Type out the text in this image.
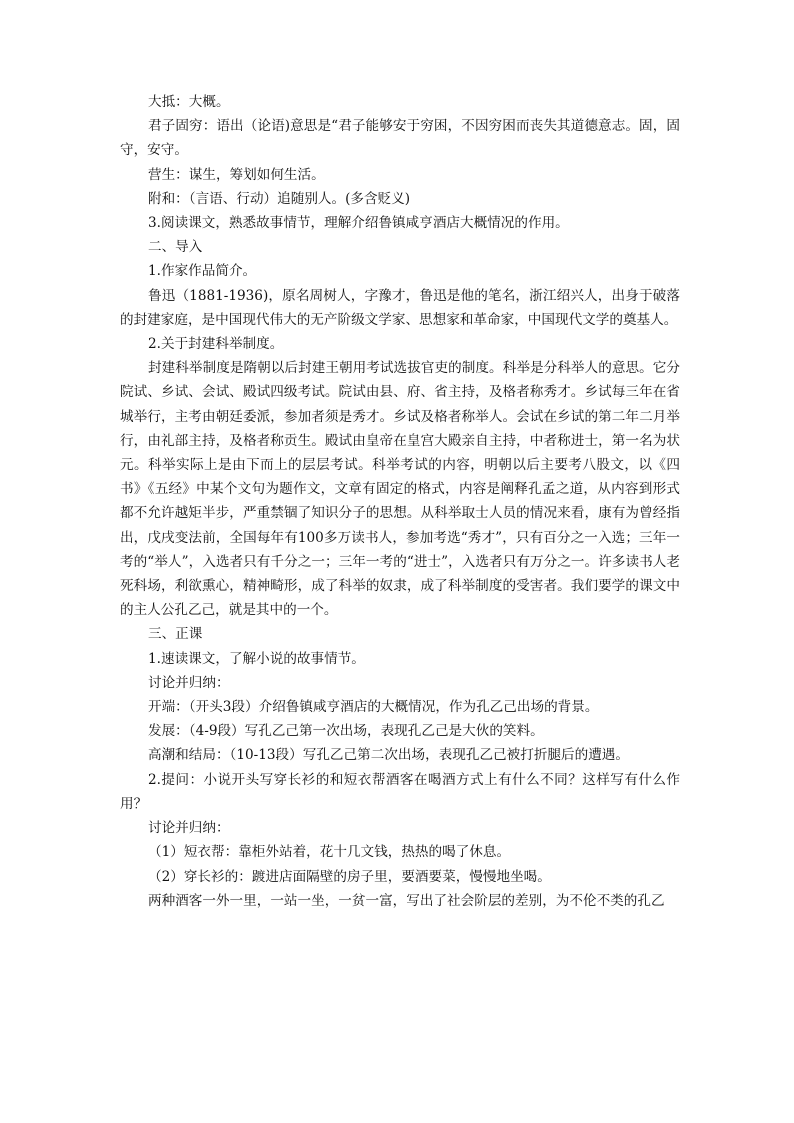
大抵：大概。

君子固穷：语出（论语)意思是“君子能够安于穷困，不因穷困而丧失其道德意志。固，固守，安守。

营生：谋生，筹划如何生活。

附和：（言语、行动）追随别人。(多含贬义)

3.阅读课文，熟悉故事情节，理解介绍鲁镇咸亨酒店大概情况的作用。

二、导入

1.作家作品简介。

鲁迅（1881-1936)，原名周树人，字豫才，鲁迅是他的笔名，浙江绍兴人，出身于破落的封建家庭，是中国现代伟大的无产阶级文学家、思想家和革命家，中国现代文学的奠基人。

2.关于封建科举制度。

封建科举制度是隋朝以后封建王朝用考试选拔官吏的制度。科举是分科举人的意思。它分院试、乡试、会试、殿试四级考试。院试由县、府、省主持，及格者称秀才。乡试每三年在省城举行，主考由朝廷委派，参加者须是秀才。乡试及格者称举人。会试在乡试的第二年二月举行，由礼部主持，及格者称贡生。殿试由皇帝在皇宫大殿亲自主持，中者称进士，第一名为状元。科举实际上是由下而上的层层考试。科举考试的内容，明朝以后主要考八股文，以《四书》《五经》中某个文句为题作文，文章有固定的格式，内容是阐释孔孟之道，从内容到形式都不允许越矩半步，严重禁锢了知识分子的思想。从科举取士人员的情况来看，康有为曾经指出，戊戌变法前，全国每年有100多万读书人，参加考选“秀才”，只有百分之一入选；三年一考的“举人”，入选者只有千分之一；三年一考的“进士”，入选者只有万分之一。许多读书人老死科场，利欲熏心，精神畸形，成了科举的奴隶，成了科举制度的受害者。我们要学的课文中的主人公孔乙己，就是其中的一个。

三、正课

1.速读课文，了解小说的故事情节。

讨论并归纳：

开端：（开头3段）介绍鲁镇咸亨酒店的大概情况，作为孔乙己出场的背景。

发展：（4-9段）写孔乙己第一次出场，表现孔乙己是大伙的笑料。

高潮和结局：（10-13段）写孔乙己第二次出场，表现孔乙己被打折腿后的遭遇。

2.提问：小说开头写穿长衫的和短衣帮酒客在喝酒方式上有什么不同？这样写有什么作用？

讨论并归纳：

（1）短衣帮：靠柜外站着，花十几文钱，热热的喝了休息。

（2）穿长衫的：踱进店面隔壁的房子里，要酒要菜，慢慢地坐喝。

两种酒客一外一里，一站一坐，一贫一富，写出了社会阶层的差别，为不伦不类的孔乙
